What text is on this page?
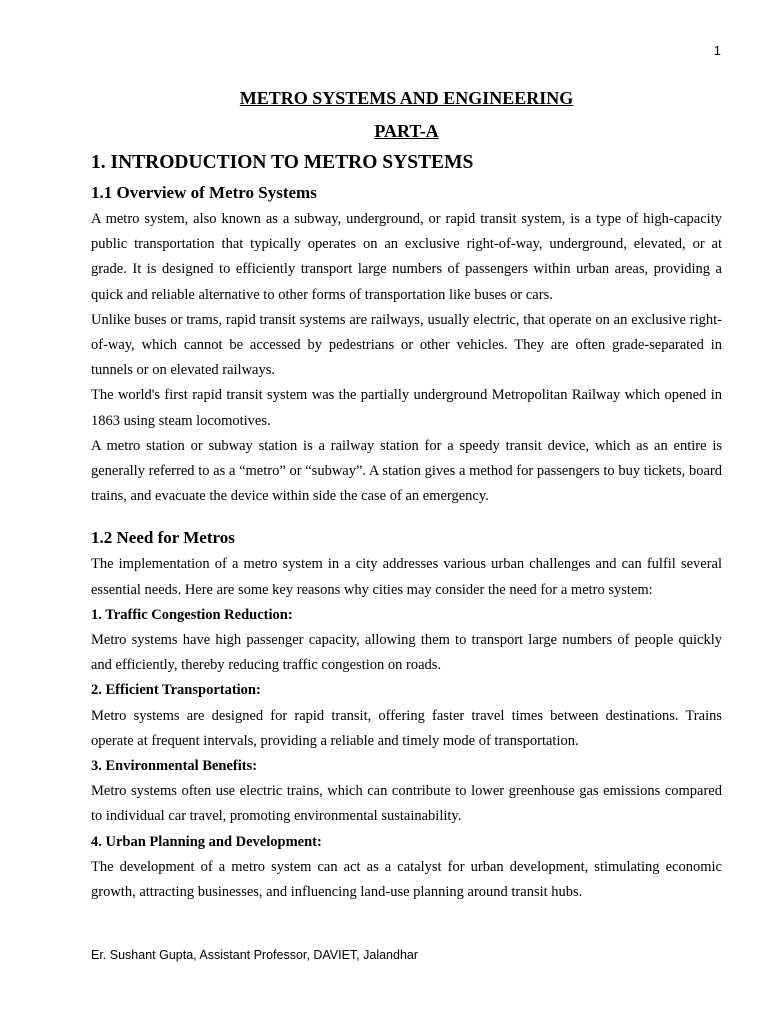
1
METRO SYSTEMS AND ENGINEERING
PART-A
1. INTRODUCTION TO METRO SYSTEMS
1.1 Overview of Metro Systems

A metro system, also known as a subway, underground, or rapid transit system, is a type of high-capacity public transportation that typically operates on an exclusive right-of-way, underground, elevated, or at grade. It is designed to efficiently transport large numbers of passengers within urban areas, providing a quick and reliable alternative to other forms of transportation like buses or cars.

Unlike buses or trams, rapid transit systems are railways, usually electric, that operate on an exclusive right-of-way, which cannot be accessed by pedestrians or other vehicles. They are often grade-separated in tunnels or on elevated railways.

The world's first rapid transit system was the partially underground Metropolitan Railway which opened in 1863 using steam locomotives.

A metro station or subway station is a railway station for a speedy transit device, which as an entire is generally referred to as a “metro” or “subway”. A station gives a method for passengers to buy tickets, board trains, and evacuate the device within side the case of an emergency.

1.2 Need for Metros

The implementation of a metro system in a city addresses various urban challenges and can fulfil several essential needs. Here are some key reasons why cities may consider the need for a metro system:

1. Traffic Congestion Reduction:

Metro systems have high passenger capacity, allowing them to transport large numbers of people quickly and efficiently, thereby reducing traffic congestion on roads.

2. Efficient Transportation:

Metro systems are designed for rapid transit, offering faster travel times between destinations. Trains operate at frequent intervals, providing a reliable and timely mode of transportation.

3. Environmental Benefits:

Metro systems often use electric trains, which can contribute to lower greenhouse gas emissions compared to individual car travel, promoting environmental sustainability.

4. Urban Planning and Development:

The development of a metro system can act as a catalyst for urban development, stimulating economic growth, attracting businesses, and influencing land-use planning around transit hubs.

Er. Sushant Gupta, Assistant Professor, DAVIET, Jalandhar
